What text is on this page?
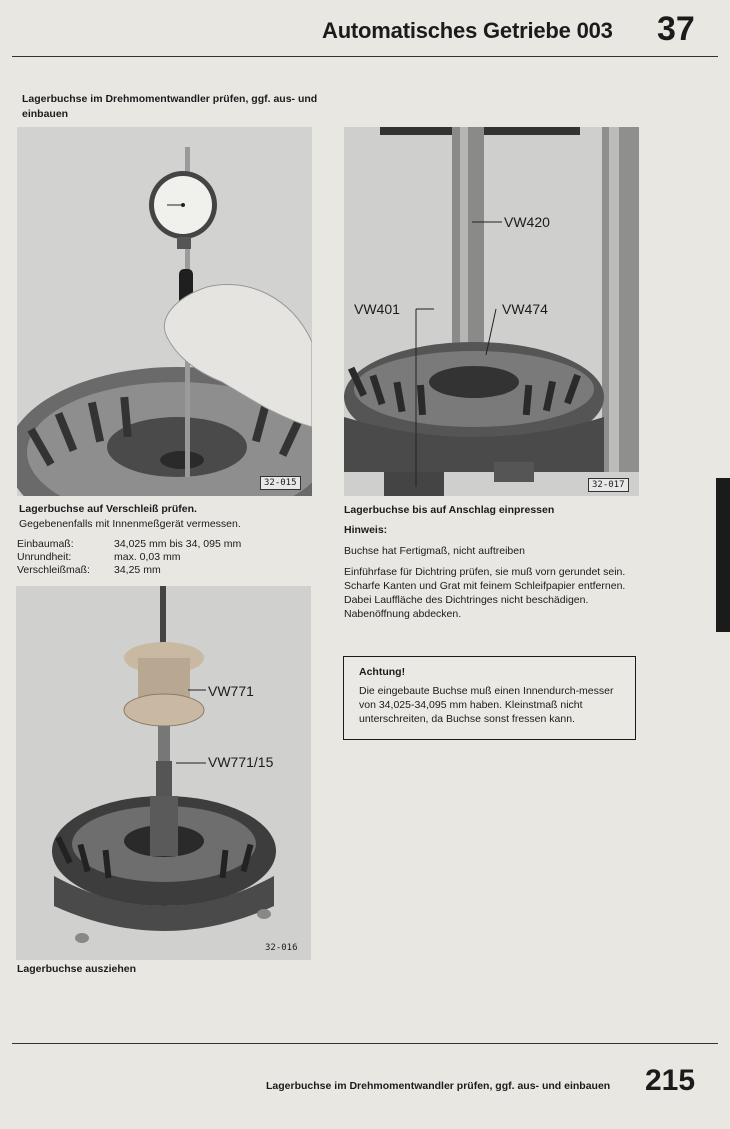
Automatisches Getriebe 003 37
Lagerbuchse im Drehmomentwandler prüfen, ggf. aus- und einbauen
32-015
Lagerbuchse auf Verschleiß prüfen.
Gegebenenfalls mit Innenmeßgerät vermessen.
Einbaumaß:	34,025 mm bis 34, 095 mm
Unrundheit:	max. 0,03 mm
Verschleißmaß:	34,25 mm
VW420
VW401	VW474
32-017
Lagerbuchse bis auf Anschlag einpressen
Hinweis:
Buchse hat Fertigmaß, nicht auftreiben
Einführfase für Dichtring prüfen, sie muß vorn gerundet sein. Scharfe Kanten und Grat mit feinem Schleifpapier entfernen. Dabei Lauffläche des Dichtringes nicht beschädigen. Nabenöffnung abdecken.
Achtung!
Die eingebaute Buchse muß einen Innendurch-messer von 34,025-34,095 mm haben. Kleinstmaß nicht unterschreiten, da Buchse sonst fressen kann.
VW771
VW771/15
32-016
Lagerbuchse ausziehen
Lagerbuchse im Drehmomentwandler prüfen, ggf. aus- und einbauen 215
